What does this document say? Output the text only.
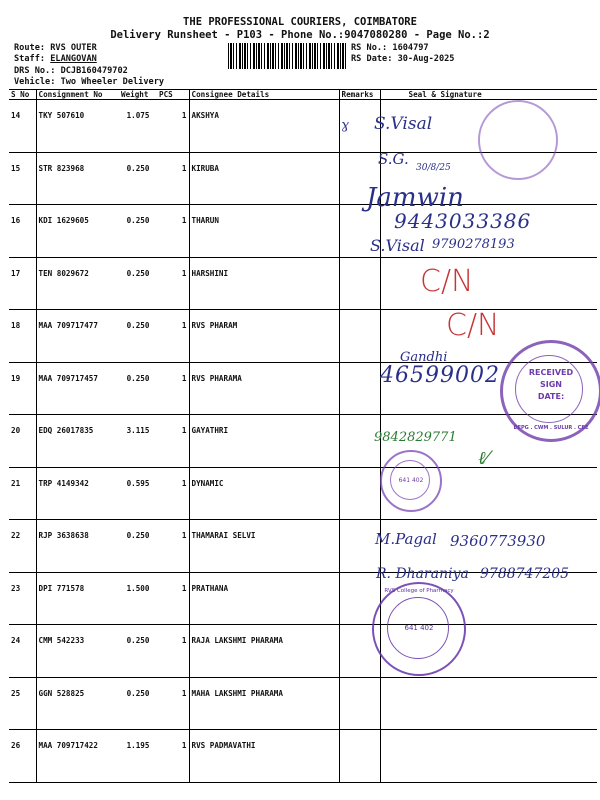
THE PROFESSIONAL COURIERS, COIMBATORE
Delivery Runsheet - P103 - Phone No.:9047080280 - Page No.:2
Route: RVS OUTER
Staff: ELANGOVAN
DRS No.: DCJB160479702
Vehicle: Two Wheeler Delivery
RS No.: 1604797
RS Date: 30-Aug-2025
S No	Consignment No	Weight	PCS	Consignee Details	Remarks	Seal & Signature
14	TKY 507610	1.075	1	AKSHYA		
15	STR 823968	0.250	1	KIRUBA		
16	KDI 1629605	0.250	1	THARUN		
17	TEN 8029672	0.250	1	HARSHINI		
18	MAA 709717477	0.250	1	RVS PHARAM		
19	MAA 709717457	0.250	1	RVS PHARAMA		
20	EDQ 26017835	3.115	1	GAYATHRI		
21	TRP 4149342	0.595	1	DYNAMIC		
22	RJP 3638638	0.250	1	THAMARAI SELVI		
23	DPI 771578	1.500	1	PRATHANA		
24	CMM 542233	0.250	1	RAJA LAKSHMI PHARAMA		
25	GGN 528825	0.250	1	MAHA LAKSHMI PHARAMA		
26	MAA 709717422	1.195	1	RVS PADMAVATHI		
ɣ S.Visal
S.G. 30/8/25
Jamwin
9443033386
S.Visal 9790278193
C/N
C/N
Gandhi
46599002
9842829771
ℓ⁄
M.Pagal 9360773930
R. Dharaniya 9788747205
RECEIVED
SIGN
DATE:
DEPG . CWM . SULUR . CBE
641 402
RVS College of Pharmacy
641 402
